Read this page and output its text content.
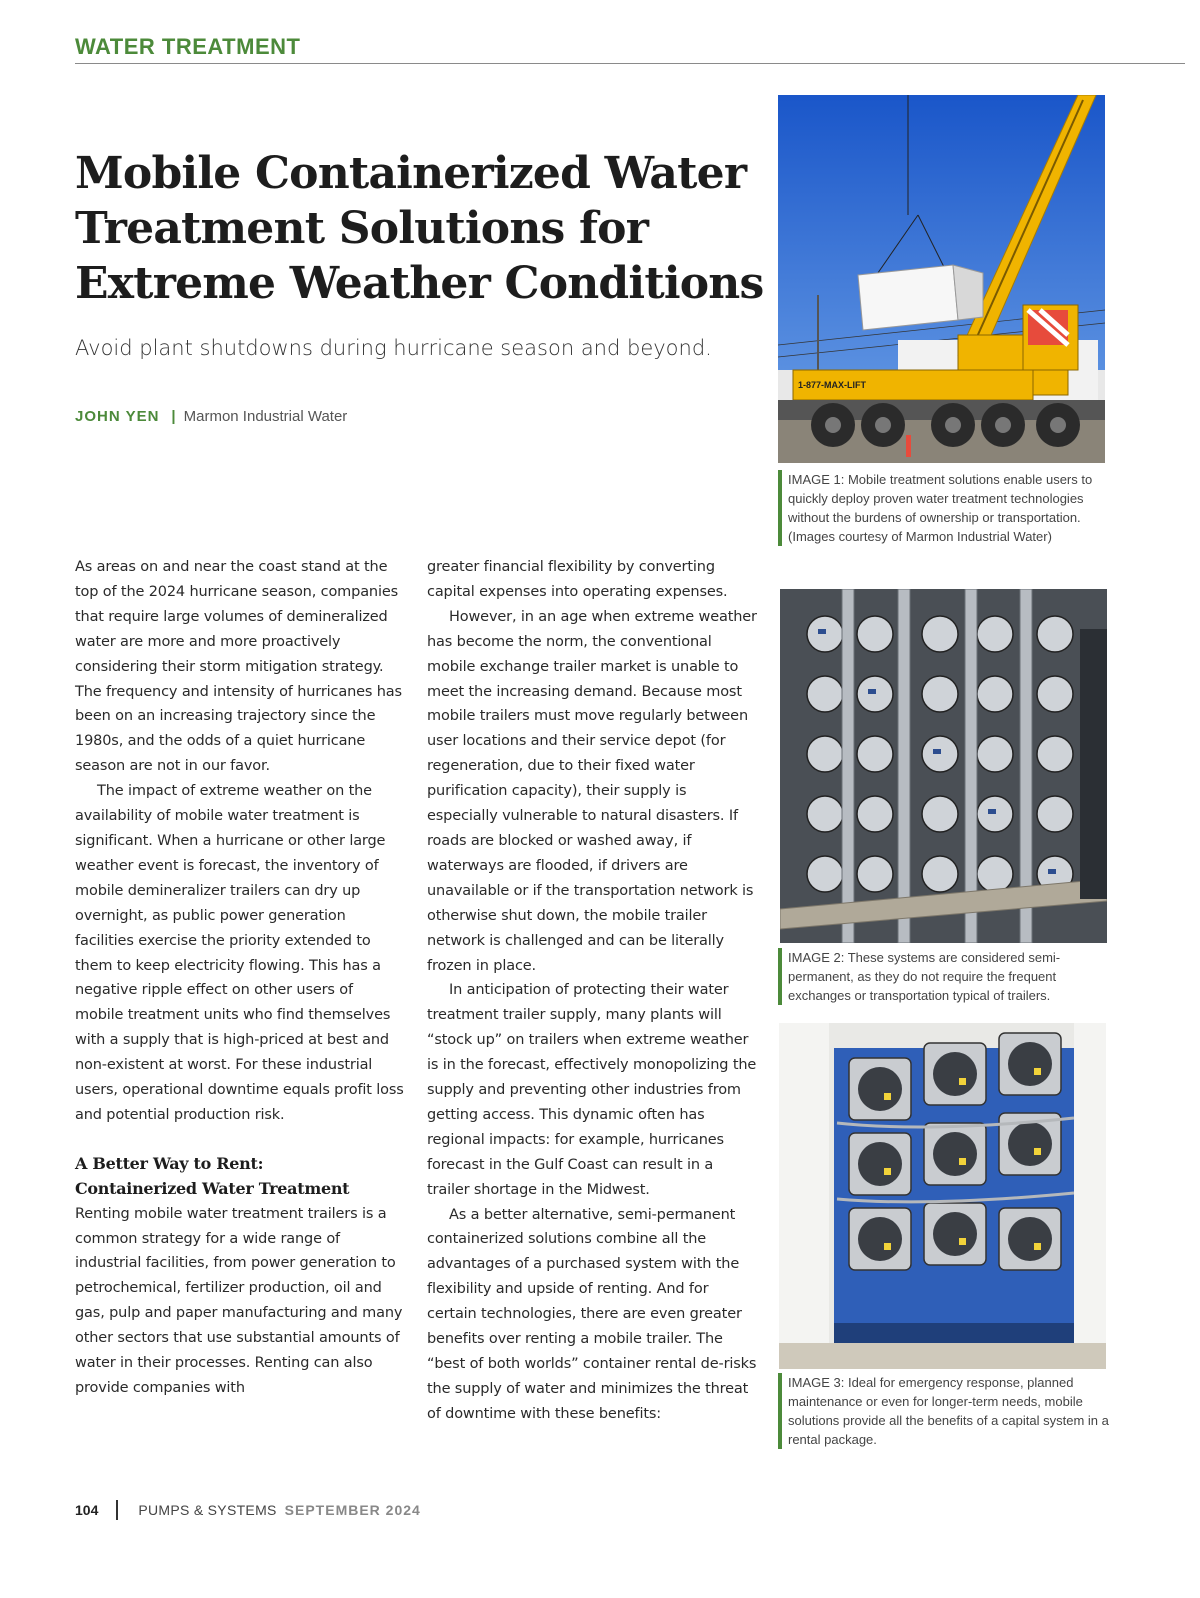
WATER TREATMENT
Mobile Containerized Water
Treatment Solutions for
Extreme Weather Conditions

Avoid plant shutdowns during hurricane season and beyond.

JOHN YEN | Marmon Industrial Water

As areas on and near the coast stand at the top of the 2024 hurricane season, companies that require large volumes of demineralized water are more and more proactively considering their storm mitigation strategy. The frequency and intensity of hurricanes has been on an increasing trajectory since the 1980s, and the odds of a quiet hurricane season are not in our favor.

The impact of extreme weather on the availability of mobile water treatment is significant. When a hurricane or other large weather event is forecast, the inventory of mobile demineralizer trailers can dry up overnight, as public power generation facilities exercise the priority extended to them to keep electricity flowing. This has a negative ripple effect on other users of mobile treatment units who find themselves with a supply that is high-priced at best and non-existent at worst. For these industrial users, operational downtime equals profit loss and potential production risk.

A Better Way to Rent:
Containerized Water Treatment

Renting mobile water treatment trailers is a common strategy for a wide range of industrial facilities, from power generation to petrochemical, fertilizer production, oil and gas, pulp and paper manufacturing and many other sectors that use substantial amounts of water in their processes. Renting can also provide companies with

greater financial flexibility by converting capital expenses into operating expenses.

However, in an age when extreme weather has become the norm, the conventional mobile exchange trailer market is unable to meet the increasing demand. Because most mobile trailers must move regularly between user locations and their service depot (for regeneration, due to their fixed water purification capacity), their supply is especially vulnerable to natural disasters. If roads are blocked or washed away, if waterways are flooded, if drivers are unavailable or if the transportation network is otherwise shut down, the mobile trailer network is challenged and can be literally frozen in place.

In anticipation of protecting their water treatment trailer supply, many plants will “stock up” on trailers when extreme weather is in the forecast, effectively monopolizing the supply and preventing other industries from getting access. This dynamic often has regional impacts: for example, hurricanes forecast in the Gulf Coast can result in a trailer shortage in the Midwest.

As a better alternative, semi-permanent containerized solutions combine all the advantages of a purchased system with the flexibility and upside of renting. And for certain technologies, there are even greater benefits over renting a mobile trailer. The “best of both worlds” container rental de-risks the supply of water and minimizes the threat of downtime with these benefits:

1-877-MAX-LIFT
IMAGE 1: Mobile treatment solutions enable users to quickly deploy proven water treatment technologies without the burdens of ownership or transportation. (Images courtesy of Marmon Industrial Water)
IMAGE 2: These systems are considered semi-permanent, as they do not require the frequent exchanges or transportation typical of trailers.
IMAGE 3: Ideal for emergency response, planned maintenance or even for longer-term needs, mobile solutions provide all the benefits of a capital system in a rental package.
104	PUMPS & SYSTEMS SEPTEMBER 2024
